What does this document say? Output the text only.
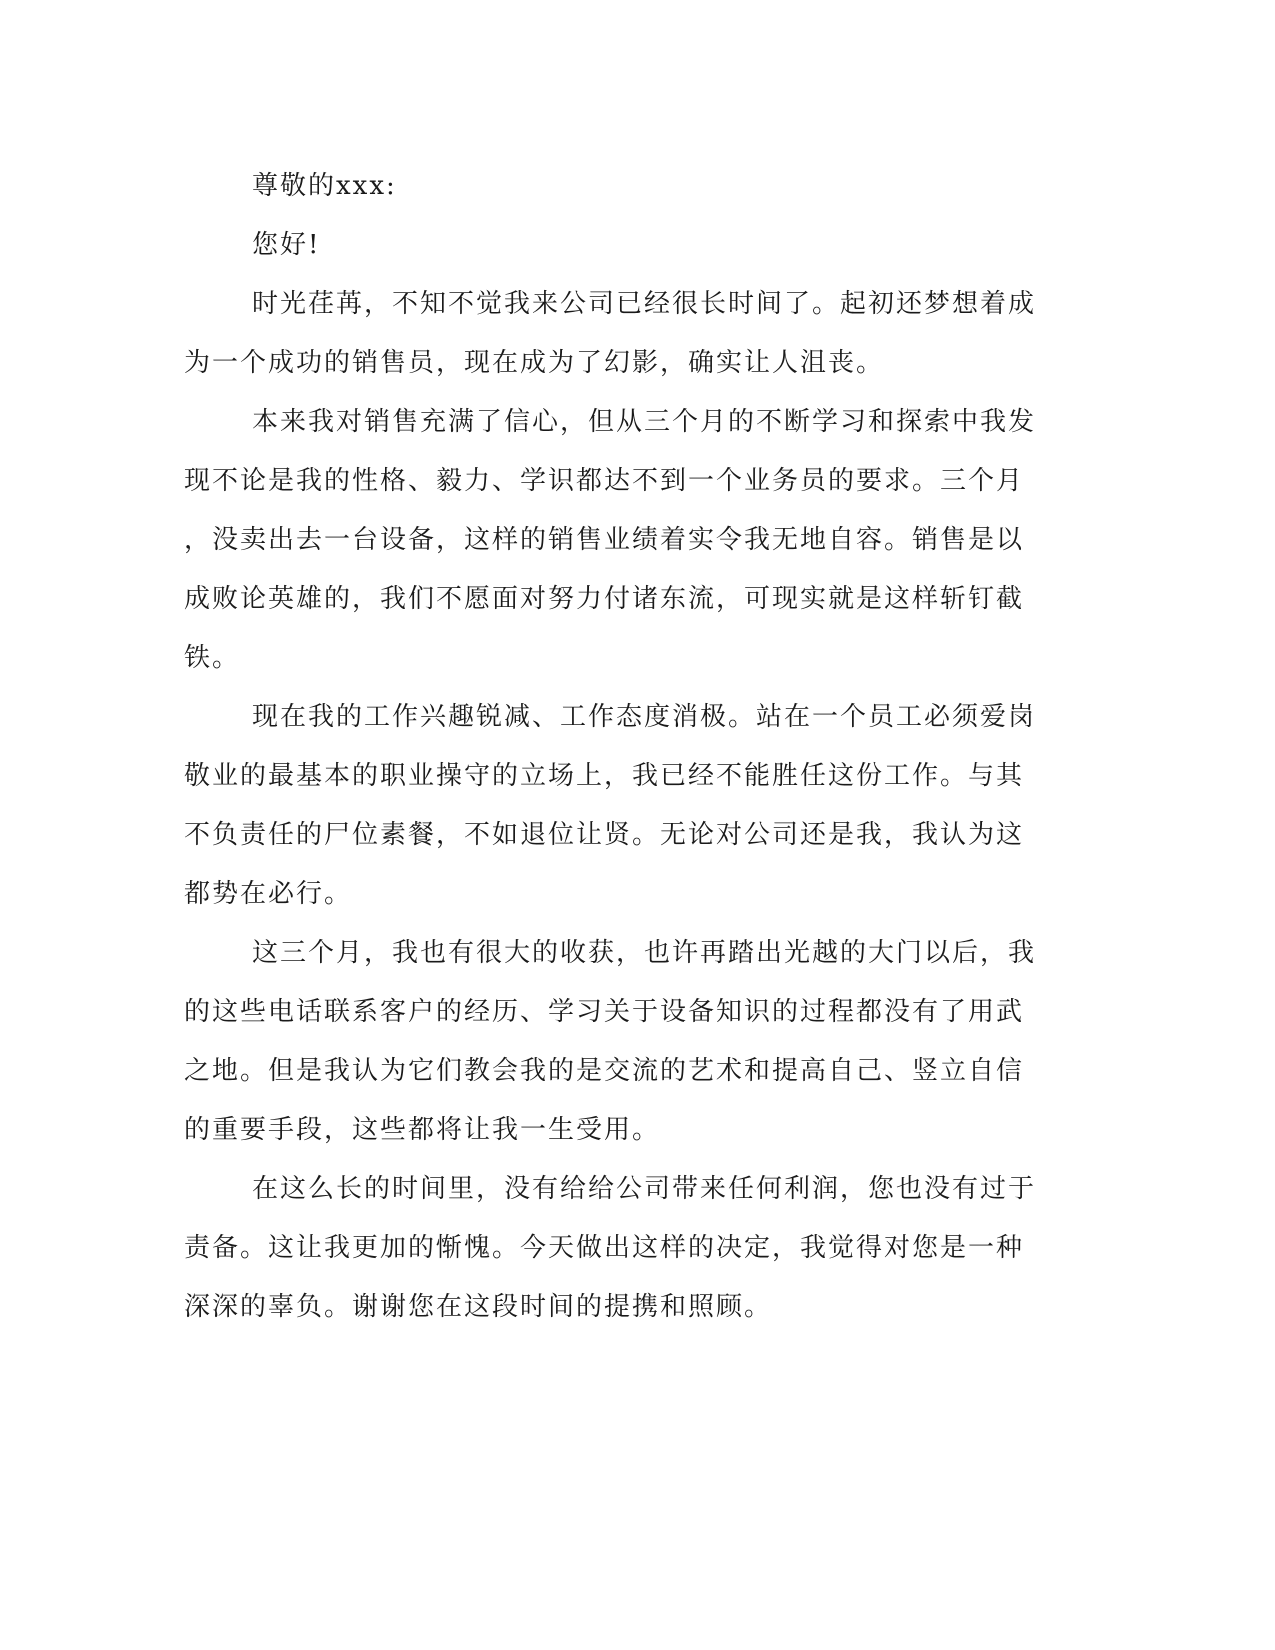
尊敬的xxx:
您好!
时光荏苒，不知不觉我来公司已经很长时间了。起初还梦想着成
为一个成功的销售员，现在成为了幻影，确实让人沮丧。
本来我对销售充满了信心，但从三个月的不断学习和探索中我发
现不论是我的性格、毅力、学识都达不到一个业务员的要求。三个月
，没卖出去一台设备，这样的销售业绩着实令我无地自容。销售是以
成败论英雄的，我们不愿面对努力付诸东流，可现实就是这样斩钉截
铁。
现在我的工作兴趣锐减、工作态度消极。站在一个员工必须爱岗
敬业的最基本的职业操守的立场上，我已经不能胜任这份工作。与其
不负责任的尸位素餐，不如退位让贤。无论对公司还是我，我认为这
都势在必行。
这三个月，我也有很大的收获，也许再踏出光越的大门以后，我
的这些电话联系客户的经历、学习关于设备知识的过程都没有了用武
之地。但是我认为它们教会我的是交流的艺术和提高自己、竖立自信
的重要手段，这些都将让我一生受用。
在这么长的时间里，没有给给公司带来任何利润，您也没有过于
责备。这让我更加的惭愧。今天做出这样的决定，我觉得对您是一种
深深的辜负。谢谢您在这段时间的提携和照顾。
